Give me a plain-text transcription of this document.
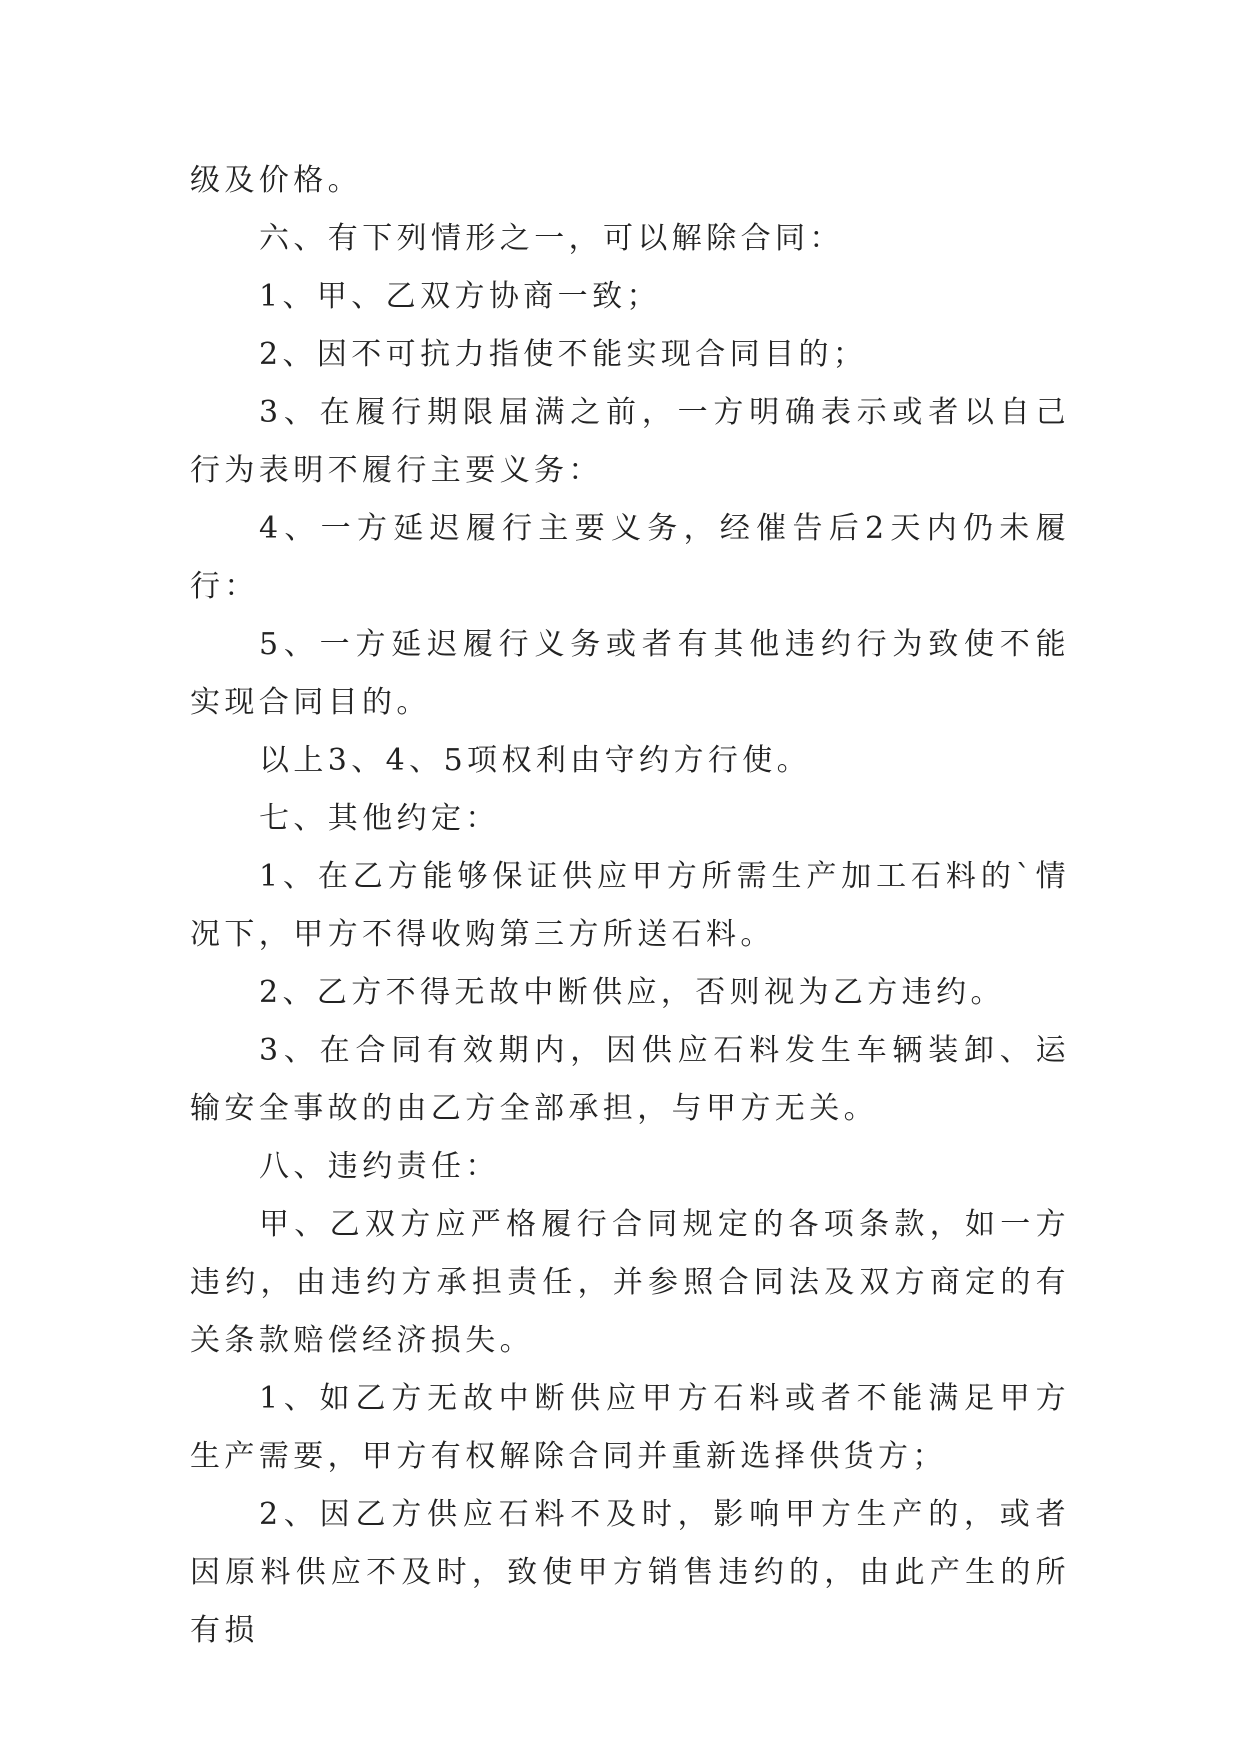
级及价格。

六、有下列情形之一，可以解除合同：

1、甲、乙双方协商一致；

2、因不可抗力指使不能实现合同目的；

3、在履行期限届满之前，一方明确表示或者以自己行为表明不履行主要义务：

4、一方延迟履行主要义务，经催告后2天内仍未履行：

5、一方延迟履行义务或者有其他违约行为致使不能实现合同目的。

以上3、4、5项权利由守约方行使。

七、其他约定：

1、在乙方能够保证供应甲方所需生产加工石料的`情况下，甲方不得收购第三方所送石料。

2、乙方不得无故中断供应，否则视为乙方违约。

3、在合同有效期内，因供应石料发生车辆装卸、运输安全事故的由乙方全部承担，与甲方无关。

八、违约责任：

甲、乙双方应严格履行合同规定的各项条款，如一方违约，由违约方承担责任，并参照合同法及双方商定的有关条款赔偿经济损失。

1、如乙方无故中断供应甲方石料或者不能满足甲方生产需要，甲方有权解除合同并重新选择供货方；

2、因乙方供应石料不及时，影响甲方生产的，或者因原料供应不及时，致使甲方销售违约的，由此产生的所有损
